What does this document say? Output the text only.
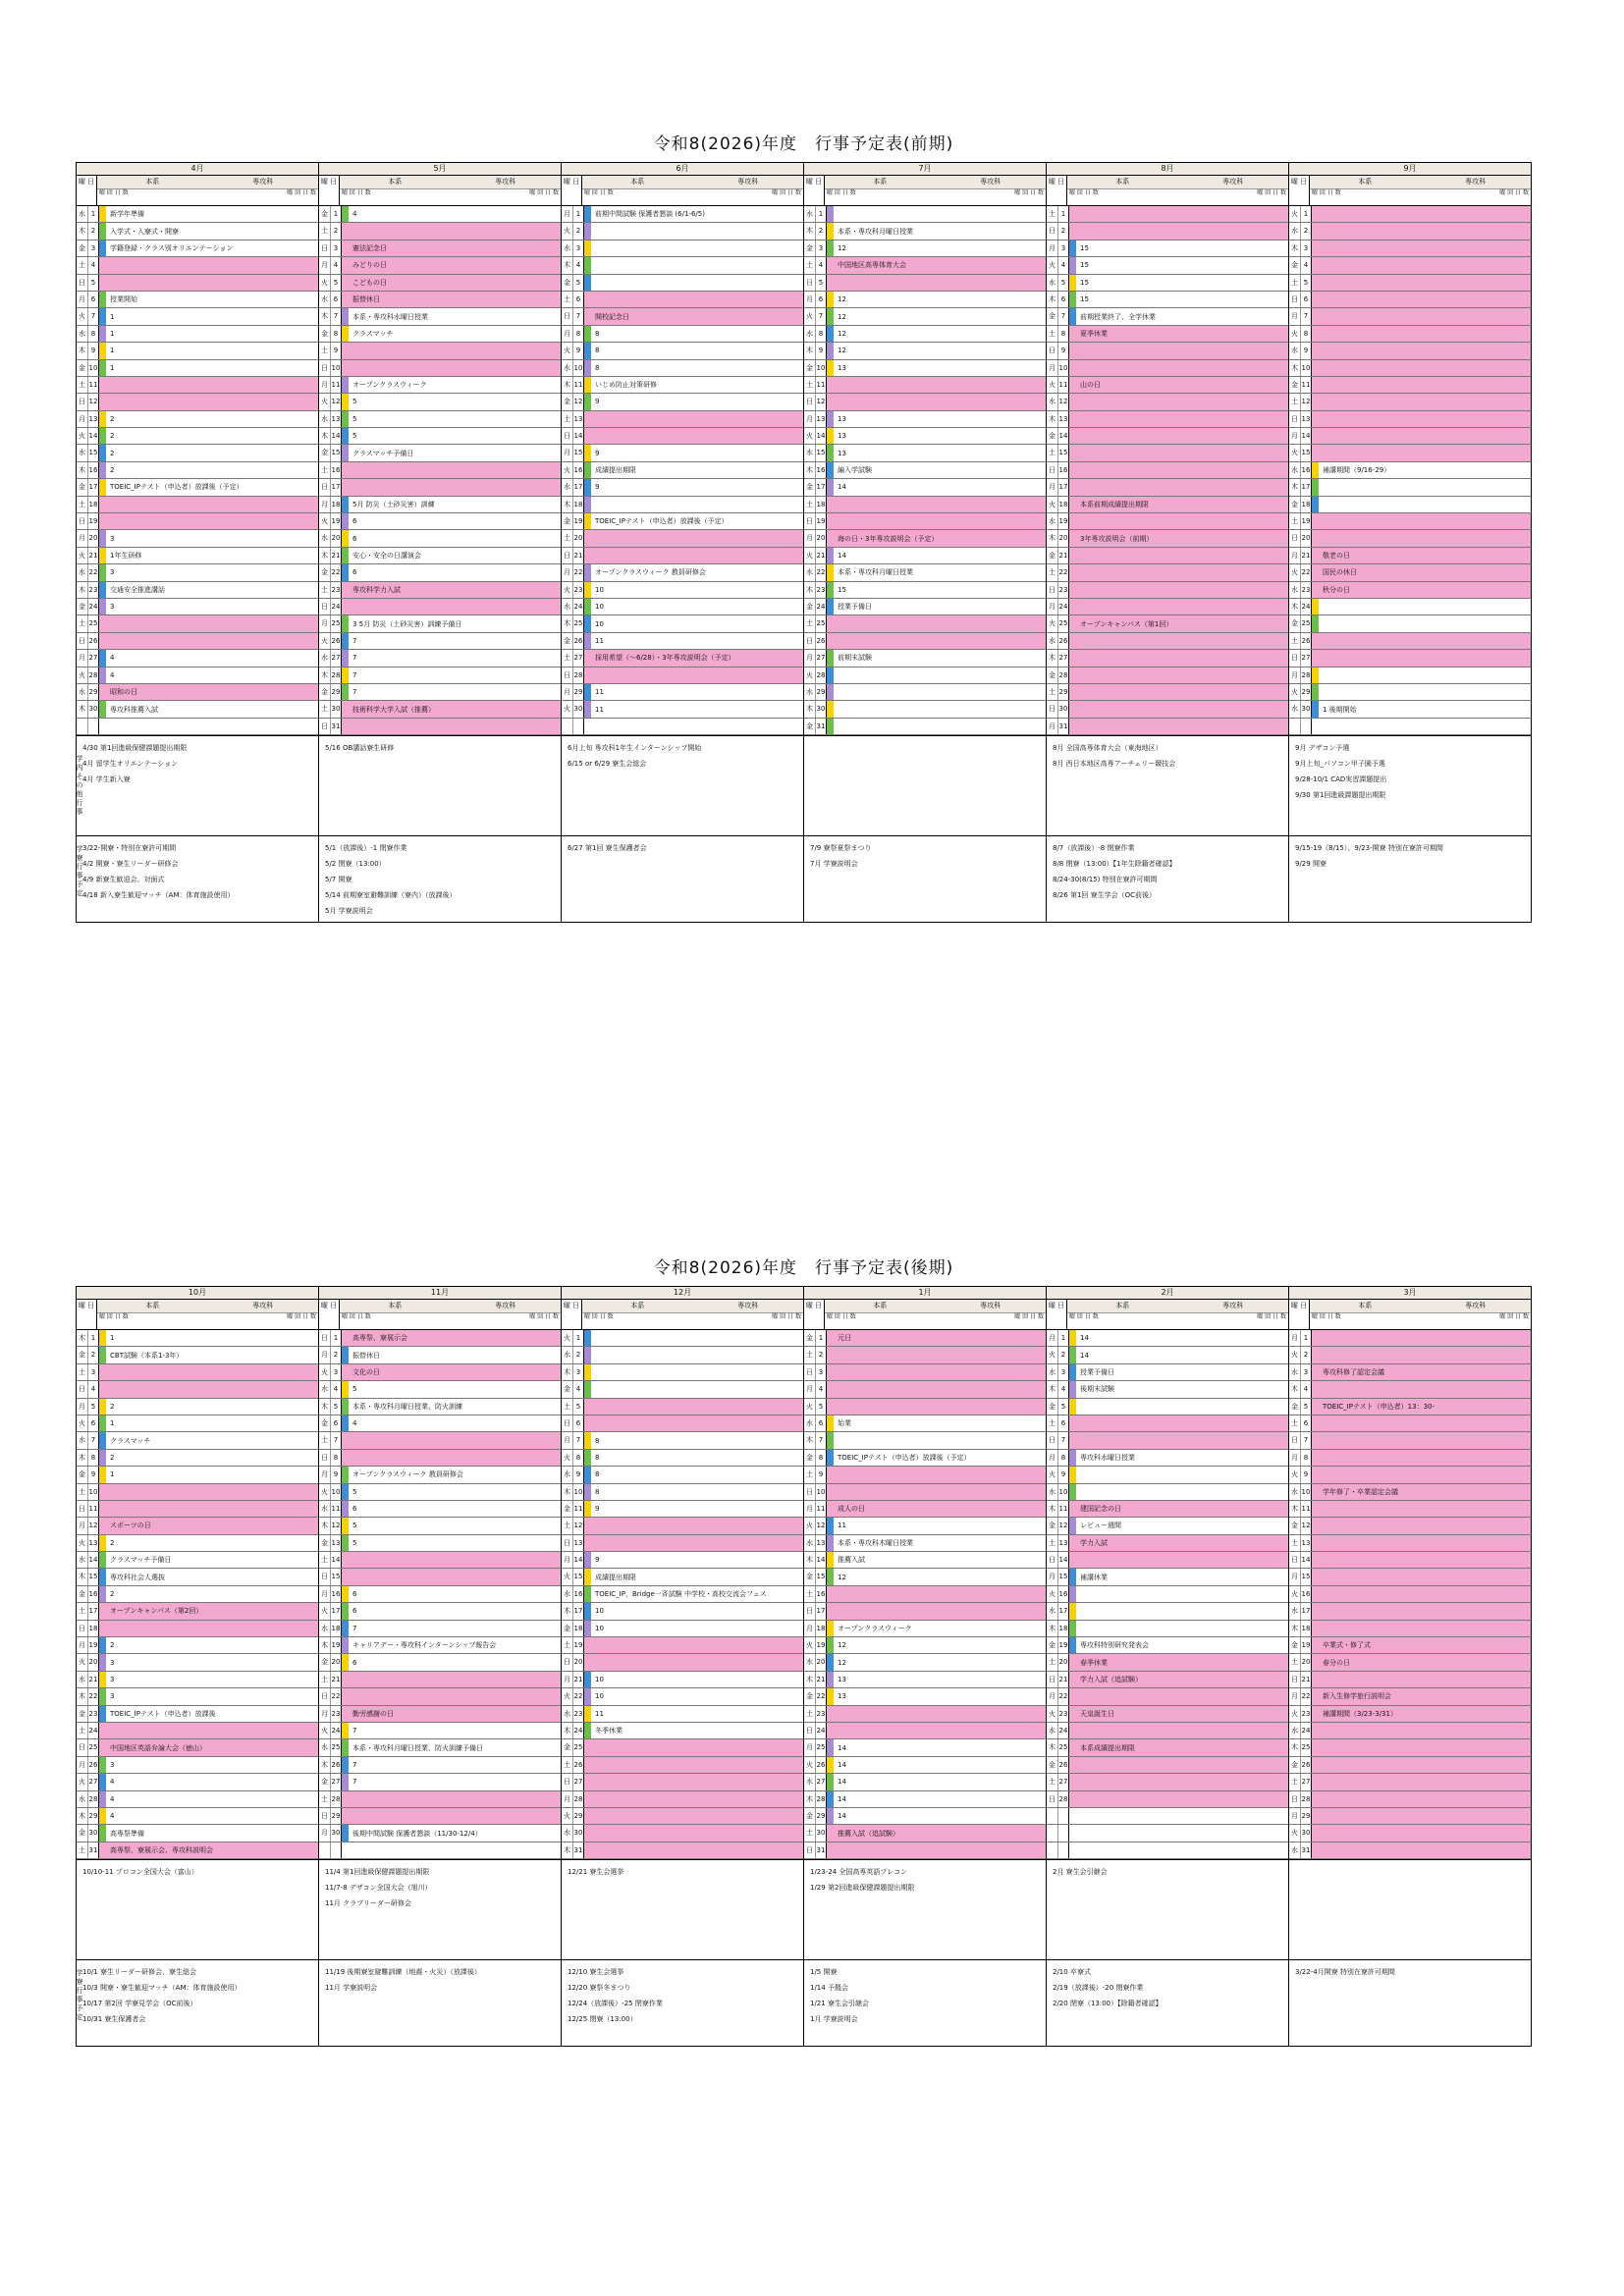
令和8(2026)年度　行事予定表(前期)
4月	5月	6月	7月	8月	9月
曜 日	本系	専攻科
曜 回 日 数	曜 回 日 数
水 1	新学年準備
木 2	入学式・入寮式・開寮
金 3	学籍登録・クラス別オリエンテーション
土 4
日 5
月 6	授業開始
火 7	1
水 8	1
木 9	1
金 10	1
土 11
日 12
月 13	2
火 14	2
水 15	2
木 16	2
金 17	TOEIC_IPテスト（申込者）放課後（予定）
土 18
日 19
月 20	3
火 21	1年生研修
水 22	3
木 23	交通安全推進講話
金 24	3
土 25
日 26
月 27	4
火 28	4
水 29	昭和の日
木 30	専攻科推薦入試
4/30 第1回進級保健課題提出期限
4月 留学生オリエンテーション
4月 学生新入寮
3/22-開寮・特別在寮許可期間
4/2 開寮・寮生リーダー研修会
4/9 新寮生歓迎会、対面式
4/18 新入寮生歓迎マッチ（AM：体育施設使用）
曜 日	本系	専攻科
曜 回 日 数	曜 回 日 数
金 1	4
土 2
日 3	憲法記念日
月 4	みどりの日
火 5	こどもの日
水 6	振替休日
木 7	本系・専攻科水曜日授業
金 8	クラスマッチ
土 9
日 10
月 11	オープンクラスウィーク
火 12	5
水 13	5
木 14	5
金 15	クラスマッチ予備日
土 16
日 17
月 18	5月 防災（土砂災害）訓練
火 19	6
水 20	6
木 21	安心・安全の日講演会
金 22	6
土 23	専攻科学力入試
日 24
月 25	3 5月 防災（土砂災害）訓練予備日
火 26	7
水 27	7
木 28	7
金 29	7
土 30	技術科学大学入試（推薦）
日 31
5/16 OB講話寮生研修
5/1（放課後）-1 閉寮作業
5/2 閉寮（13:00）
5/7 開寮
5/14 前期寮室避難訓練（寮内）（放課後）
5月 学寮説明会
曜 日	本系	専攻科
曜 回 日 数	曜 回 日 数
月 1	前期中間試験 保護者懇談 (6/1-6/5)
火 2
水 3
木 4
金 5
土 6
日 7	開校記念日
月 8	8
火 9	8
水 10	8
木 11	いじめ防止対策研修
金 12	9
土 13
日 14
月 15	9
火 16	成績提出期限
水 17	9
木 18
金 19	TOEIC_IPテスト（申込者）放課後（予定）
土 20
日 21
月 22	オープンクラスウィーク 教員研修会
火 23	10
水 24	10
木 25	10
金 26	11
土 27	採用希望（～6/28）・3年専攻説明会（予定）
日 28
月 29	11
火 30	11
6月上旬 専攻科1年生インターンシップ開始
6/15 or 6/29 寮生会総会
6/27 第1回 寮生保護者会
曜 日	本系	専攻科
曜 回 日 数	曜 回 日 数
水 1
木 2	本系・専攻科月曜日授業
金 3	12
土 4	中国地区高専体育大会
日 5
月 6	12
火 7	12
水 8	12
木 9	12
金 10	13
土 11
日 12
月 13	13
火 14	13
水 15	13
木 16	編入学試験
金 17	14
土 18
日 19
月 20	海の日・3年専攻説明会（予定）
火 21	14
水 22	本系・専攻科月曜日授業
木 23	15
金 24	授業予備日
土 25
日 26
月 27	前期末試験
火 28
水 29
木 30
金 31
7/9 寮祭夏祭まつり
7月 学寮説明会
曜 日	本系	専攻科
曜 回 日 数	曜 回 日 数
土 1
日 2
月 3	15
火 4	15
水 5	15
木 6	15
金 7	前期授業終了、全学休業
土 8	夏季休業
日 9
月 10
火 11	山の日
水 12
木 13
金 14
土 15
日 16
月 17
火 18	本系前期成績提出期限
水 19
木 20	3年専攻説明会（前期）
金 21
土 22
日 23
月 24
火 25	オープンキャンパス（第1回）
水 26
木 27
金 28
土 29
日 30
月 31
8月 全国高専体育大会（東海地区）
8月 西日本地区高専アーチェリー競技会
8/7（放課後）-8 閉寮作業
8/8 閉寮（13:00）【1年生除籍者確認】
8/24-30(8/15) 特別在寮許可期間
8/26 第1回 寮生学会（OC前後）
曜 日	本系	専攻科
曜 回 日 数	曜 回 日 数
火 1
水 2
木 3
金 4
土 5
日 6
月 7
火 8
水 9
木 10
金 11
土 12
日 13
月 14
火 15
水 16	補講期間（9/16-29）
木 17
金 18
土 19
日 20
月 21	敬老の日
火 22	国民の休日
水 23	秋分の日
木 24
金 25
土 26
日 27
月 28
火 29
水 30	1 後期開始
9月 デザコン予選
9月上旬_パソコン甲子園予選
9/28-10/1 CAD実習課題提出
9/30 第1回進級課題提出期限
9/15-19（8/15）、9/23-開寮 特別在寮許可期間
9/29 開寮
学内その他行事
学寮行事予定
令和8(2026)年度　行事予定表(後期)
10月	11月	12月	1月	2月	3月
曜 日	本系	専攻科
曜 回 日 数	曜 回 日 数
木 1	1
金 2	CBT試験（本系1-3年）
土 3
日 4
月 5	2
火 6	1
水 7	クラスマッチ
木 8	2
金 9	1
土 10
日 11
月 12	スポーツの日
火 13	2
水 14	クラスマッチ予備日
木 15	専攻科社会人選抜
金 16	2
土 17	オープンキャンパス（第2回）
日 18
月 19	2
火 20	3
水 21	3
木 22	3
金 23	TOEIC_IPテスト（申込者）放課後
土 24
日 25	中国地区英語弁論大会（徳山）
月 26	3
火 27	4
水 28	4
木 29	4
金 30	高専祭準備
土 31	高専祭、寮展示会、専攻科説明会
10/10-11 プロコン全国大会（富山）
10/1 寮生リーダー研修会、寮生総会
10/3 開寮・寮生歓迎マッチ（AM：体育施設使用）
10/17 第2回 学寮見学会（OC前後）
10/31 寮生保護者会
曜 日	本系	専攻科
曜 回 日 数	曜 回 日 数
日 1	高専祭、寮展示会
月 2	振替休日
火 3	文化の日
水 4	5
木 5	本系・専攻科月曜日授業、防火訓練
金 6	4
土 7
日 8
月 9	オープンクラスウィーク 教員研修会
火 10	5
水 11	6
木 12	5
金 13	5
土 14
日 15
月 16	6
火 17	6
水 18	7
木 19	キャリアデー・専攻科インターンシップ報告会
金 20	6
土 21
日 22
月 23	勤労感謝の日
火 24	7
水 25	本系・専攻科月曜日授業、防火訓練予備日
木 26	7
金 27	7
土 28
日 29
月 30	後期中間試験 保護者懇談（11/30-12/4）
11/4 第1回進級保健課題提出期限
11/7-8 デザコン全国大会（旭川）
11月 クラブリーダー研修会
11/19 後期寮室避難訓練（地震・火災）（放課後）
11月 学寮説明会
曜 日	本系	専攻科
曜 回 日 数	曜 回 日 数
火 1
水 2
木 3
金 4
土 5
日 6
月 7	8
火 8	8
水 9	8
木 10	8
金 11	9
土 12
日 13
月 14	9
火 15	成績提出期限
水 16	TOEIC_IP、Bridge一斉試験 中学校・高校交流会フェス
木 17	10
金 18	10
土 19
日 20
月 21	10
火 22	10
水 23	11
木 24	冬季休業
金 25
土 26
日 27
月 28
火 29
水 30
木 31
12/21 寮生会選挙
12/10 寮生会選挙
12/20 寮祭冬まつり
12/24（放課後）-25 閉寮作業
12/25 閉寮（13:00）
曜 日	本系	専攻科
曜 回 日 数	曜 回 日 数
金 1	元日
土 2
日 3
月 4
火 5
水 6	始業
木 7
金 8	TOEIC_IPテスト（申込者）放課後（予定）
土 9
日 10
月 11	成人の日
火 12	11
水 13	本系・専攻科木曜日授業
木 14	推薦入試
金 15	12
土 16
日 17
月 18	オープンクラスウィーク
火 19	12
水 20	12
木 21	13
金 22	13
土 23
日 24
月 25	14
火 26	14
水 27	14
木 28	14
金 29	14
土 30	推薦入試（追試験）
日 31
1/23-24 全国高専英語プレコン
1/29 第2回進級保健課題提出期限
1/5 開寮
1/14 予餞会
1/21 寮生会引継会
1月 学寮説明会
曜 日	本系	専攻科
曜 回 日 数	曜 回 日 数
月 1	14
火 2	14
水 3	授業予備日
木 4	後期末試験
金 5
土 6
日 7
月 8	専攻科水曜日授業
火 9
水 10
木 11	建国記念の日
金 12	レビュー週間
土 13	学力入試
日 14
月 15	補講休業
火 16
水 17
木 18
金 19	専攻科特別研究発表会
土 20	春季休業
日 21	学力入試（追試験）
月 22
火 23	天皇誕生日
水 24
木 25	本系成績提出期限
金 26
土 27
日 28
2月 寮生会引継会
2/10 卒寮式
2/19（放課後）-20 閉寮作業
2/20 閉寮（13:00）【除籍者確認】
曜 日	本系	専攻科
曜 回 日 数	曜 回 日 数
月 1
火 2
水 3	専攻科修了認定会議
木 4
金 5	TOEIC_IPテスト（申込者）13：30-
土 6
日 7
月 8
火 9
水 10	学年修了・卒業認定会議
木 11
金 12
土 13
日 14
月 15
火 16
水 17
木 18
金 19	卒業式・修了式
土 20	春分の日
日 21
月 22	新入生修学旅行説明会
火 23	補講期間（3/23-3/31）
水 24
木 25
金 26
土 27
日 28
月 29
火 30
水 31
3/22-4月開寮 特別在寮許可期間
学寮行事予定
